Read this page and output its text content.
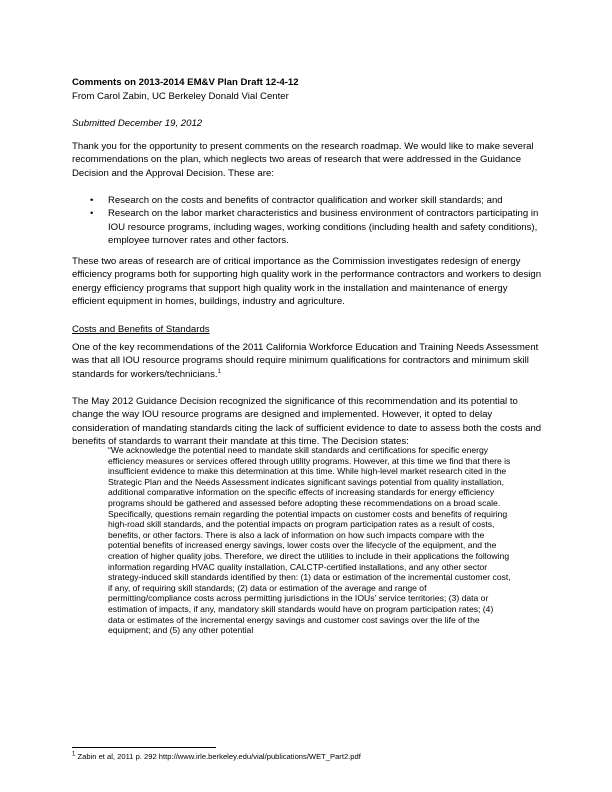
Comments on 2013-2014 EM&V Plan Draft 12-4-12

From Carol Zabin, UC Berkeley Donald Vial Center

Submitted December 19, 2012

Thank you for the opportunity to present comments on the research roadmap. We would like to make several recommendations on the plan, which neglects two areas of research that were addressed in the Guidance Decision and the Approval Decision. These are:

• Research on the costs and benefits of contractor qualification and worker skill standards; and
• Research on the labor market characteristics and business environment of contractors participating in IOU resource programs, including wages, working conditions (including health and safety conditions), employee turnover rates and other factors.

These two areas of research are of critical importance as the Commission investigates redesign of energy efficiency programs both for supporting high quality work in the performance contractors and workers to design energy efficiency programs that support high quality work in the installation and maintenance of energy efficient equipment in homes, buildings, industry and agriculture.

Costs and Benefits of Standards

One of the key recommendations of the 2011 California Workforce Education and Training Needs Assessment was that all IOU resource programs should require minimum qualifications for contractors and minimum skill standards for workers/technicians.$^1$

The May 2012 Guidance Decision recognized the significance of this recommendation and its potential to change the way IOU resource programs are designed and implemented. However, it opted to delay consideration of mandating standards citing the lack of sufficient evidence to date to assess both the costs and benefits of standards to warrant their mandate at this time. The Decision states:

“We acknowledge the potential need to mandate skill standards and certifications for specific energy efficiency measures or services offered through utility programs. However, at this time we find that there is insufficient evidence to make this determination at this time. While high-level market research cited in the Strategic Plan and the Needs Assessment indicates significant savings potential from quality installation, additional comparative information on the specific effects of increasing standards for energy efficiency programs should be gathered and assessed before adopting these recommendations on a broad scale. Specifically, questions remain regarding the potential impacts on customer costs and benefits of requiring high-road skill standards, and the potential impacts on program participation rates as a result of costs, benefits, or other factors. There is also a lack of information on how such impacts compare with the potential benefits of increased energy savings, lower costs over the lifecycle of the equipment, and the creation of higher quality jobs. Therefore, we direct the utilities to include in their applications the following information regarding HVAC quality installation, CALCTP-certified installations, and any other sector strategy-induced skill standards identified by then: (1) data or estimation of the incremental customer cost, if any, of requiring skill standards; (2) data or estimation of the average and range of permitting/compliance costs across permitting jurisdictions in the IOUs’ service territories; (3) data or estimation of impacts, if any, mandatory skill standards would have on program participation rates; (4) data or estimates of the incremental energy savings and customer cost savings over the life of the equipment; and (5) any other potential

$^1$ Zabin et al, 2011 p. 292 http://www.irle.berkeley.edu/vial/publications/WET_Part2.pdf
